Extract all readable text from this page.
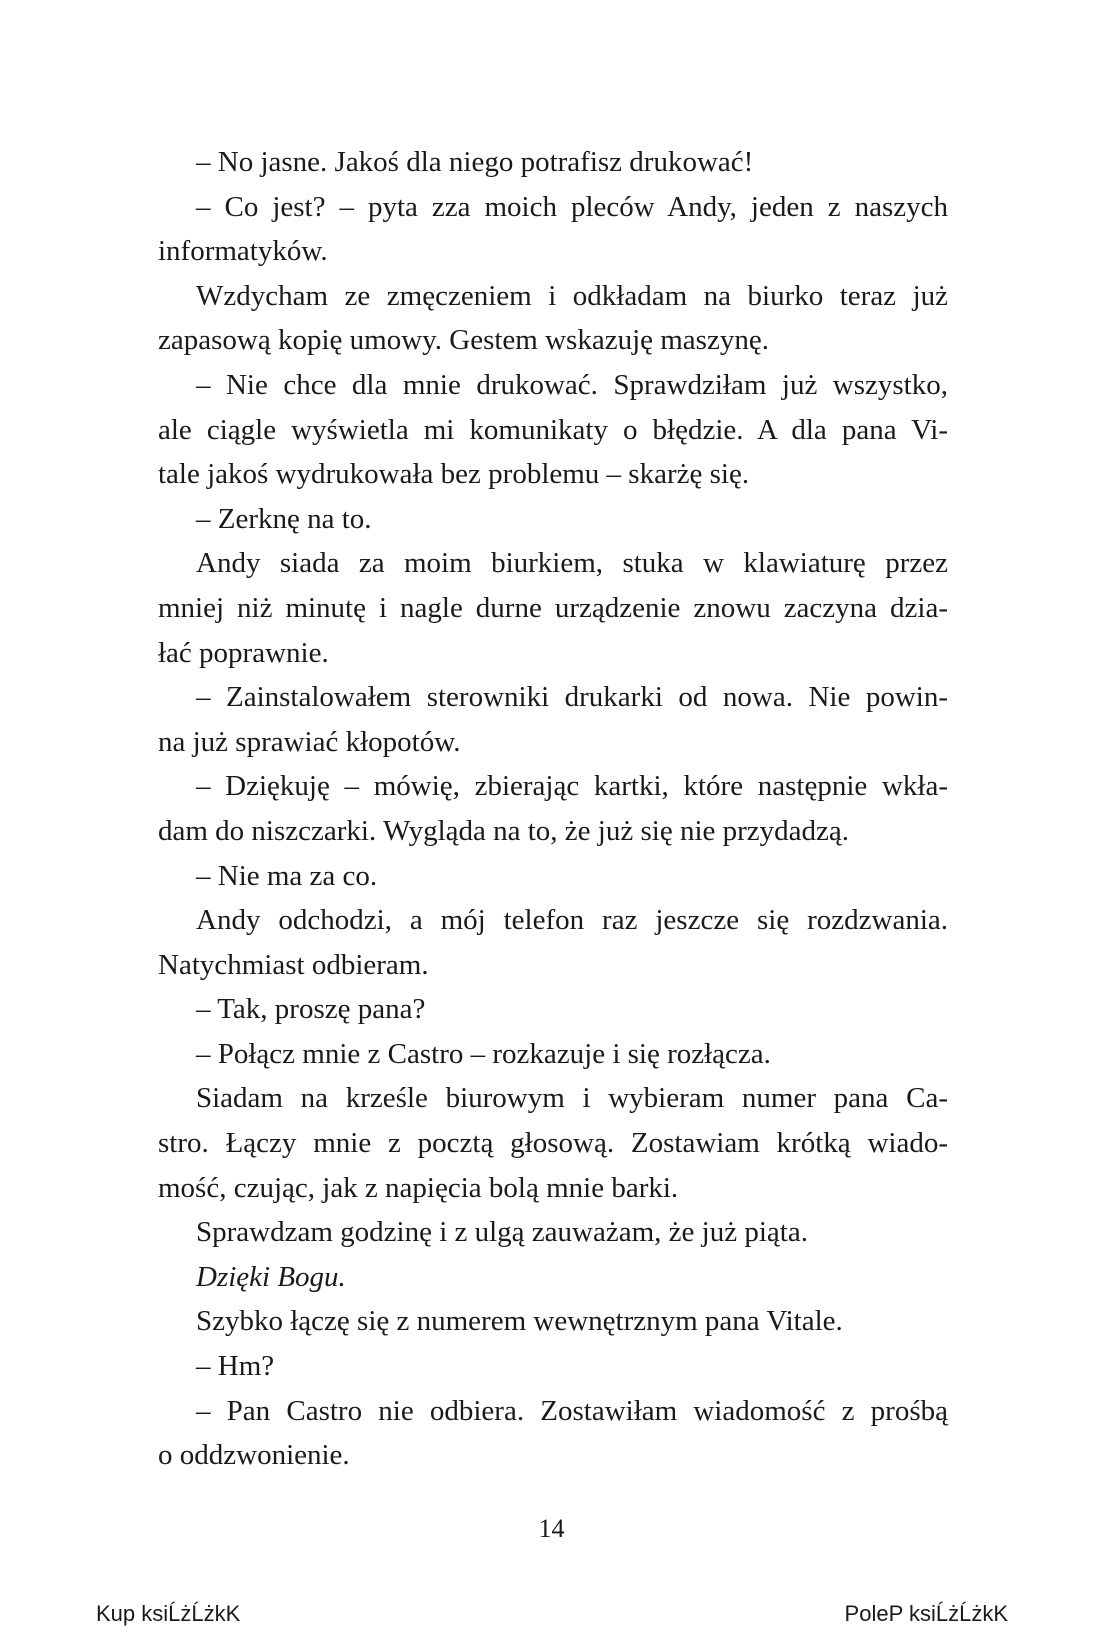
– No jasne. Jakoś dla niego potrafisz drukować!
– Co jest? – pyta zza moich pleców Andy, jeden z naszych
informatyków.
Wzdycham ze zmęczeniem i odkładam na biurko teraz już
zapasową kopię umowy. Gestem wskazuję maszynę.
– Nie chce dla mnie drukować. Sprawdziłam już wszystko,
ale ciągle wyświetla mi komunikaty o błędzie. A dla pana Vi-
tale jakoś wydrukowała bez problemu – skarżę się.
– Zerknę na to.
Andy siada za moim biurkiem, stuka w klawiaturę przez
mniej niż minutę i nagle durne urządzenie znowu zaczyna dzia-
łać poprawnie.
– Zainstalowałem sterowniki drukarki od nowa. Nie powin-
na już sprawiać kłopotów.
– Dziękuję – mówię, zbierając kartki, które następnie wkła-
dam do niszczarki. Wygląda na to, że już się nie przydadzą.
– Nie ma za co.
Andy odchodzi, a mój telefon raz jeszcze się rozdzwania.
Natychmiast odbieram.
– Tak, proszę pana?
– Połącz mnie z Castro – rozkazuje i się rozłącza.
Siadam na krześle biurowym i wybieram numer pana Ca-
stro. Łączy mnie z pocztą głosową. Zostawiam krótką wiado-
mość, czując, jak z napięcia bolą mnie barki.
Sprawdzam godzinę i z ulgą zauważam, że już piąta.
Dzięki Bogu.
Szybko łączę się z numerem wewnętrznym pana Vitale.
– Hm?
– Pan Castro nie odbiera. Zostawiłam wiadomość z prośbą
o oddzwonienie.
14
Kup ksiĹżĹżkK	PoleP ksiĹżĹżkK
